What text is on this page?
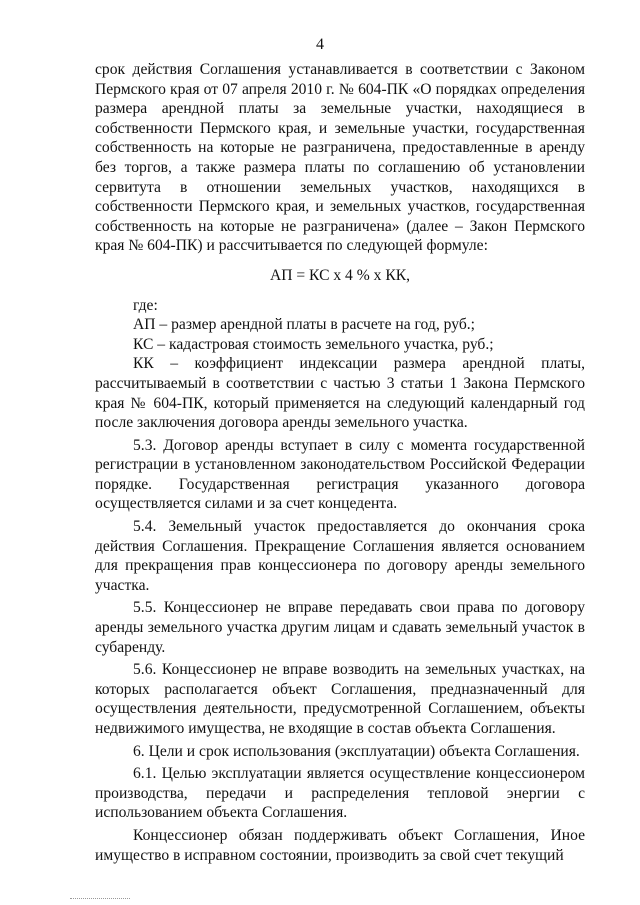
4

срок действия Соглашения устанавливается в соответствии с Законом Пермского края от 07 апреля 2010 г. № 604-ПК «О порядках определения размера арендной платы за земельные участки, находящиеся в собственности Пермского края, и земельные участки, государственная собственность на которые не разграничена, предоставленные в аренду без торгов, а также размера платы по соглашению об установлении сервитута в отношении земельных участков, находящихся в собственности Пермского края, и земельных участков, государственная собственность на которые не разграничена» (далее – Закон Пермского края № 604-ПК) и рассчитывается по следующей формуле:

АП = КС х 4 % х КК,

где:

АП – размер арендной платы в расчете на год, руб.;

КС – кадастровая стоимость земельного участка, руб.;

КК – коэффициент индексации размера арендной платы, рассчитываемый в соответствии с частью 3 статьи 1 Закона Пермского края № 604-ПК, который применяется на следующий календарный год после заключения договора аренды земельного участка.

5.3. Договор аренды вступает в силу с момента государственной регистрации в установленном законодательством Российской Федерации порядке. Государственная регистрация указанного договора осуществляется силами и за счет концедента.

5.4. Земельный участок предоставляется до окончания срока действия Соглашения. Прекращение Соглашения является основанием для прекращения прав концессионера по договору аренды земельного участка.

5.5. Концессионер не вправе передавать свои права по договору аренды земельного участка другим лицам и сдавать земельный участок в субаренду.

5.6. Концессионер не вправе возводить на земельных участках, на которых располагается объект Соглашения, предназначенный для осуществления деятельности, предусмотренной Соглашением, объекты недвижимого имущества, не входящие в состав объекта Соглашения.

6. Цели и срок использования (эксплуатации) объекта Соглашения.

6.1. Целью эксплуатации является осуществление концессионером производства, передачи и распределения тепловой энергии с использованием объекта Соглашения.

Концессионер обязан поддерживать объект Соглашения, Иное имущество в исправном состоянии, производить за свой счет текущий
